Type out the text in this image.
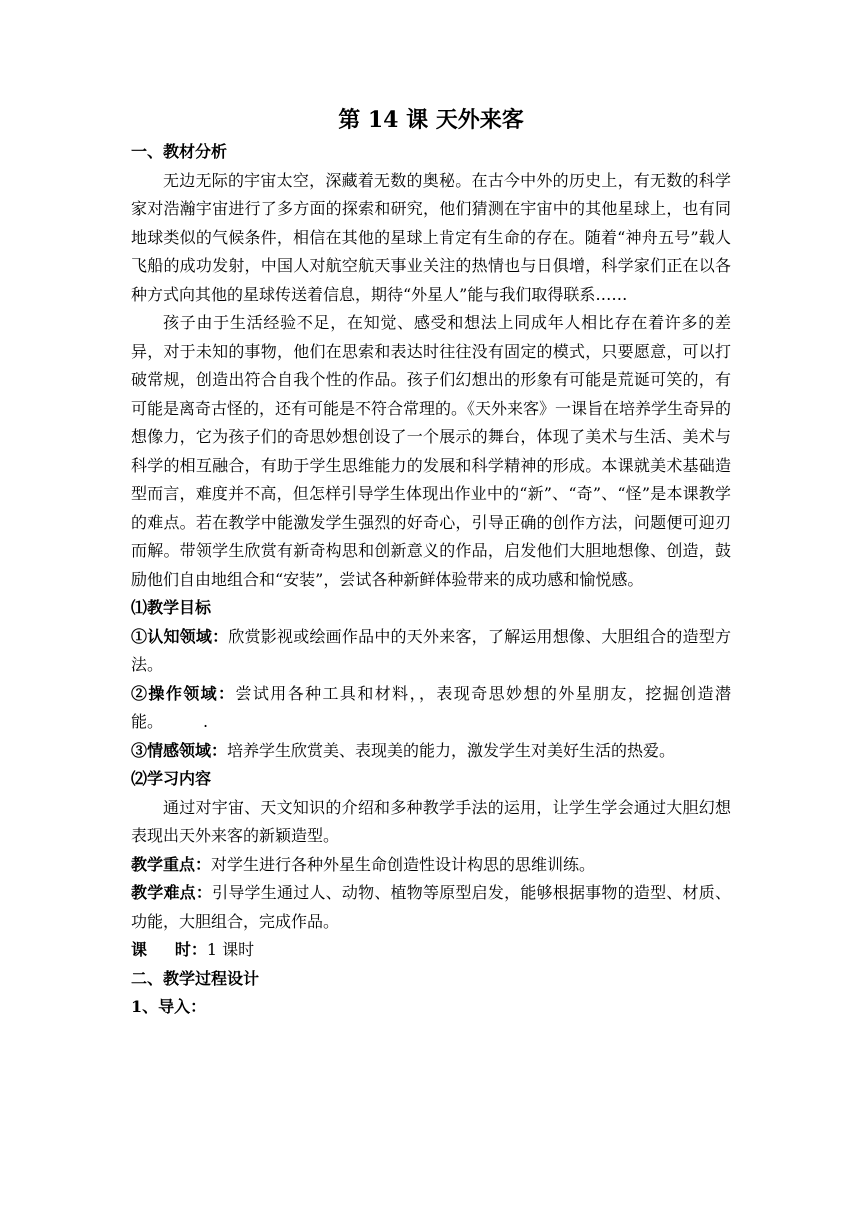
第 14 课 天外来客

一、教材分析

无边无际的宇宙太空，深藏着无数的奥秘。在古今中外的历史上，有无数的科学家对浩瀚宇宙进行了多方面的探索和研究，他们猜测在宇宙中的其他星球上，也有同地球类似的气候条件，相信在其他的星球上肯定有生命的存在。随着“神舟五号”载人飞船的成功发射，中国人对航空航天事业关注的热情也与日俱增，科学家们正在以各种方式向其他的星球传送着信息，期待“外星人”能与我们取得联系……

孩子由于生活经验不足，在知觉、感受和想法上同成年人相比存在着许多的差异，对于未知的事物，他们在思索和表达时往往没有固定的模式，只要愿意，可以打破常规，创造出符合自我个性的作品。孩子们幻想出的形象有可能是荒诞可笑的，有可能是离奇古怪的，还有可能是不符合常理的。《天外来客》一课旨在培养学生奇异的想像力，它为孩子们的奇思妙想创设了一个展示的舞台，体现了美术与生活、美术与科学的相互融合，有助于学生思维能力的发展和科学精神的形成。本课就美术基础造型而言，难度并不高，但怎样引导学生体现出作业中的“新”、“奇”、“怪”是本课教学的难点。若在教学中能激发学生强烈的好奇心，引导正确的创作方法，问题便可迎刃而解。带领学生欣赏有新奇构思和创新意义的作品，启发他们大胆地想像、创造，鼓励他们自由地组合和“安装”，尝试各种新鲜体验带来的成功感和愉悦感。

⑴教学目标

①认知领域：欣赏影视或绘画作品中的天外来客，了解运用想像、大胆组合的造型方法。

②操作领域：尝试用各种工具和材料，，表现奇思妙想的外星朋友，挖掘创造潜能。	.

③情感领域：培养学生欣赏美、表现美的能力，激发学生对美好生活的热爱。

⑵学习内容

通过对宇宙、天文知识的介绍和多种教学手法的运用，让学生学会通过大胆幻想表现出天外来客的新颖造型。

教学重点：对学生进行各种外星生命创造性设计构思的思维训练。

教学难点：引导学生通过人、动物、植物等原型启发，能够根据事物的造型、材质、功能，大胆组合，完成作品。

课     时：1 课时

二、教学过程设计

1、导入：
